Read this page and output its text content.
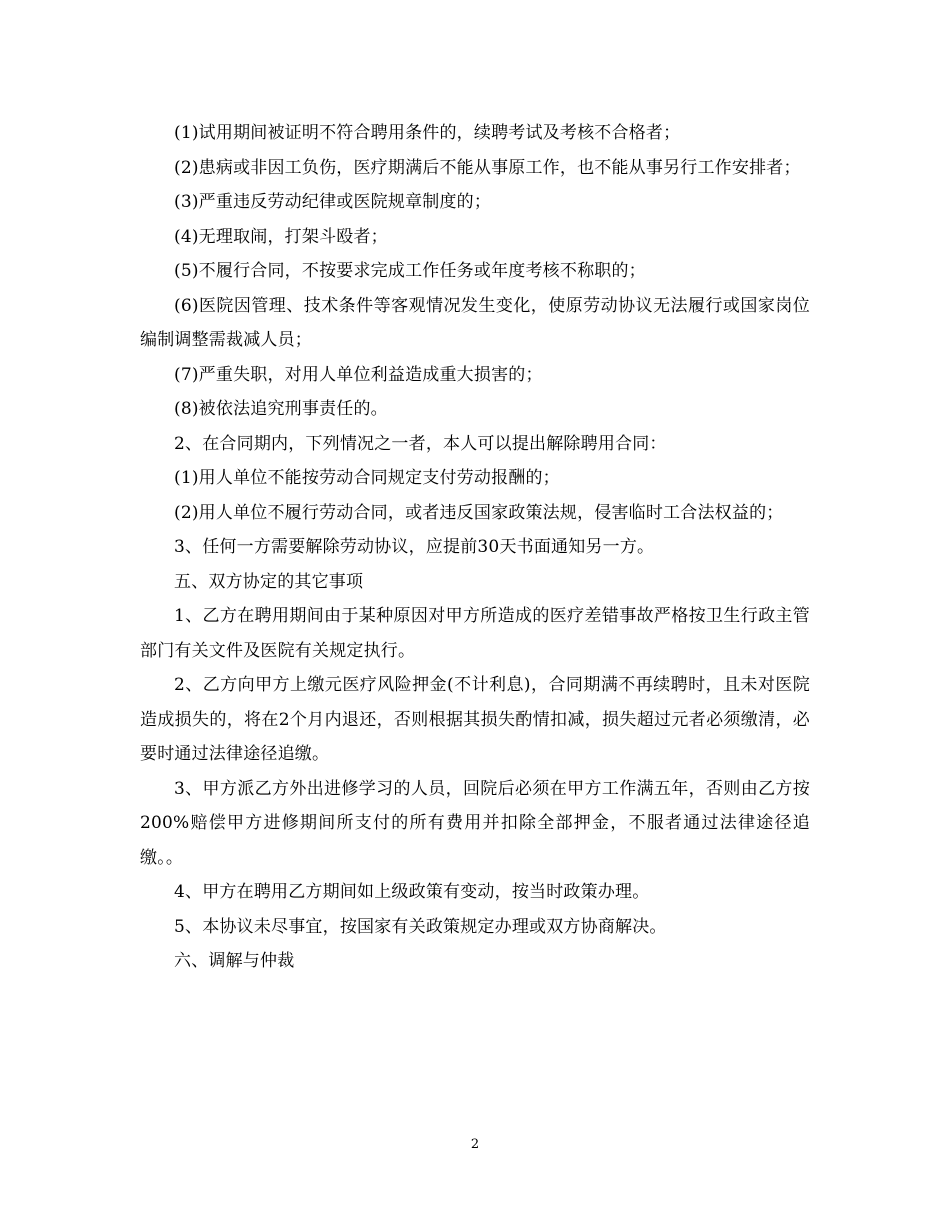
(1)试用期间被证明不符合聘用条件的，续聘考试及考核不合格者；

(2)患病或非因工负伤，医疗期满后不能从事原工作，也不能从事另行工作安排者；

(3)严重违反劳动纪律或医院规章制度的；

(4)无理取闹，打架斗殴者；

(5)不履行合同，不按要求完成工作任务或年度考核不称职的；

(6)医院因管理、技术条件等客观情况发生变化，使原劳动协议无法履行或国家岗位编制调整需裁减人员；

(7)严重失职，对用人单位利益造成重大损害的；

(8)被依法追究刑事责任的。

2、在合同期内，下列情况之一者，本人可以提出解除聘用合同：

(1)用人单位不能按劳动合同规定支付劳动报酬的；

(2)用人单位不履行劳动合同，或者违反国家政策法规，侵害临时工合法权益的；

3、任何一方需要解除劳动协议，应提前30天书面通知另一方。

五、双方协定的其它事项

1、乙方在聘用期间由于某种原因对甲方所造成的医疗差错事故严格按卫生行政主管部门有关文件及医院有关规定执行。

2、乙方向甲方上缴元医疗风险押金(不计利息)，合同期满不再续聘时，且未对医院造成损失的，将在2个月内退还，否则根据其损失酌情扣减，损失超过元者必须缴清，必要时通过法律途径追缴。

3、甲方派乙方外出进修学习的人员，回院后必须在甲方工作满五年，否则由乙方按200%赔偿甲方进修期间所支付的所有费用并扣除全部押金，不服者通过法律途径追缴。。

4、甲方在聘用乙方期间如上级政策有变动，按当时政策办理。

5、本协议未尽事宜，按国家有关政策规定办理或双方协商解决。

六、调解与仲裁

2
